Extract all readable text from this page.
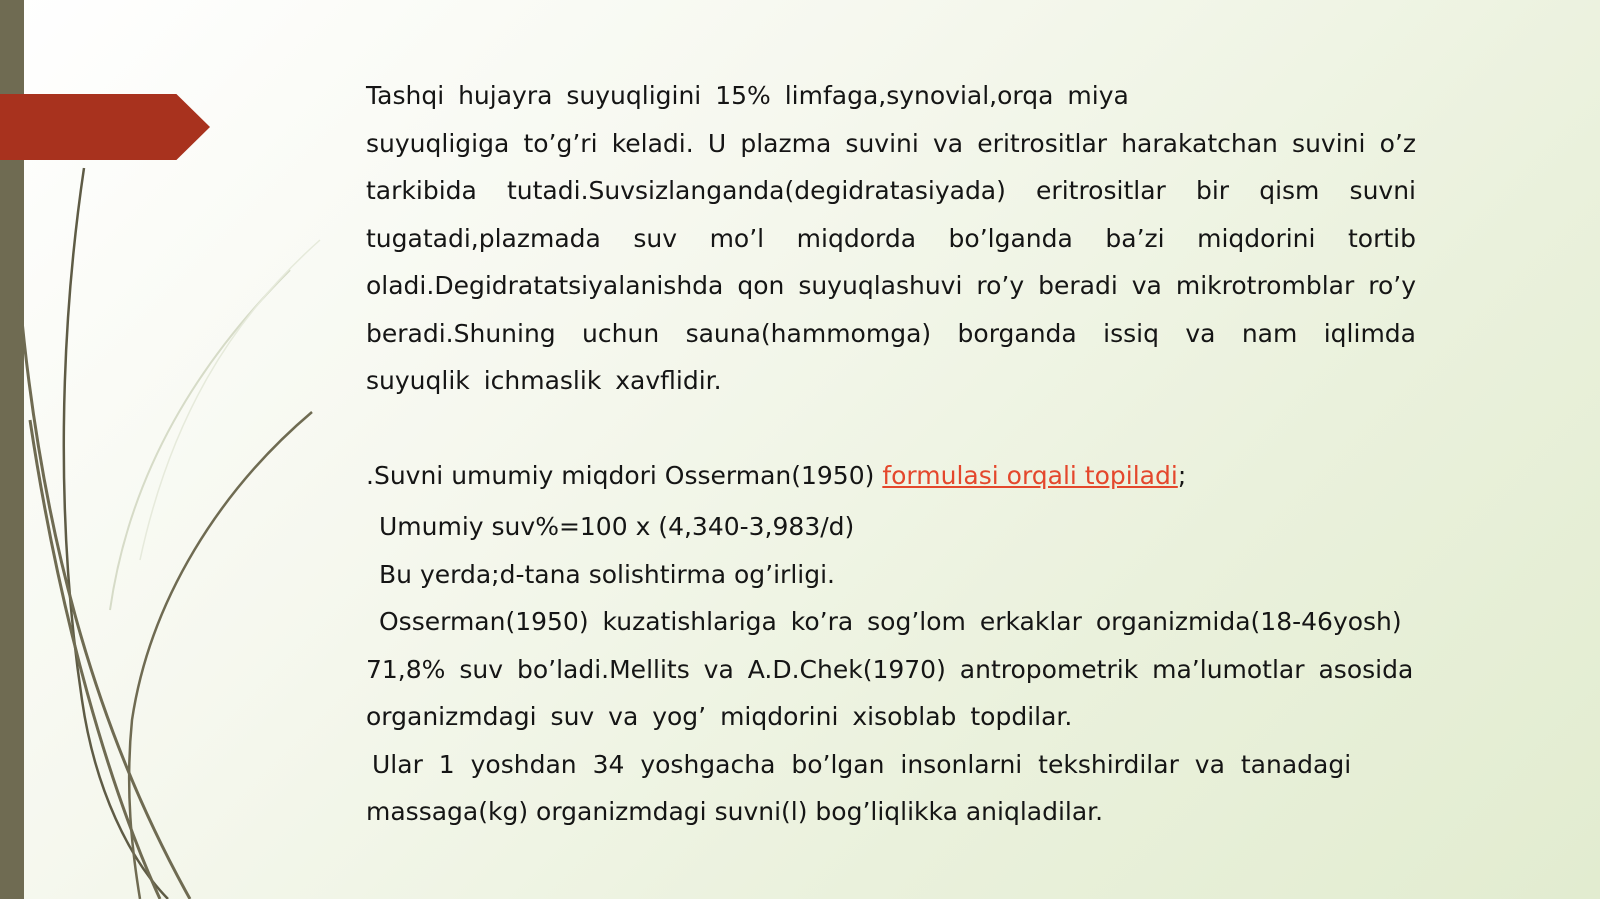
Tashqi hujayra suyuqligini 15% limfaga,synovial,orqa miya
suyuqligiga to’g’ri keladi. U plazma suvini va eritrositlar harakatchan suvini o’z tarkibida tutadi.Suvsizlanganda(degidratasiyada) eritrositlar bir qism suvni tugatadi,plazmada suv mo’l miqdorda bo’lganda ba’zi miqdorini tortib oladi.Degidratatsiyalanishda qon suyuqlashuvi ro’y beradi va mikrotromblar ro’y beradi.Shuning uchun sauna(hammomga) borganda issiq va nam iqlimda suyuqlik ichmaslik xavflidir.

.Suvni umumiy miqdori Osserman(1950) formulasi orqali topiladi;

Umumiy suv%=100 x (4,340-3,983/d)

Bu yerda;d-tana solishtirma og’irligi.

Osserman(1950) kuzatishlariga ko’ra sog’lom erkaklar organizmida(18-46yosh)
71,8% suv bo’ladi.Mellits va A.D.Chek(1970) antropometrik ma’lumotlar asosida
organizmdagi suv va yog’ miqdorini xisoblab topdilar.

Ular 1 yoshdan 34 yoshgacha bo’lgan insonlarni tekshirdilar va tanadagi
massaga(kg) organizmdagi suvni(l) bog’liqlikka aniqladilar.
